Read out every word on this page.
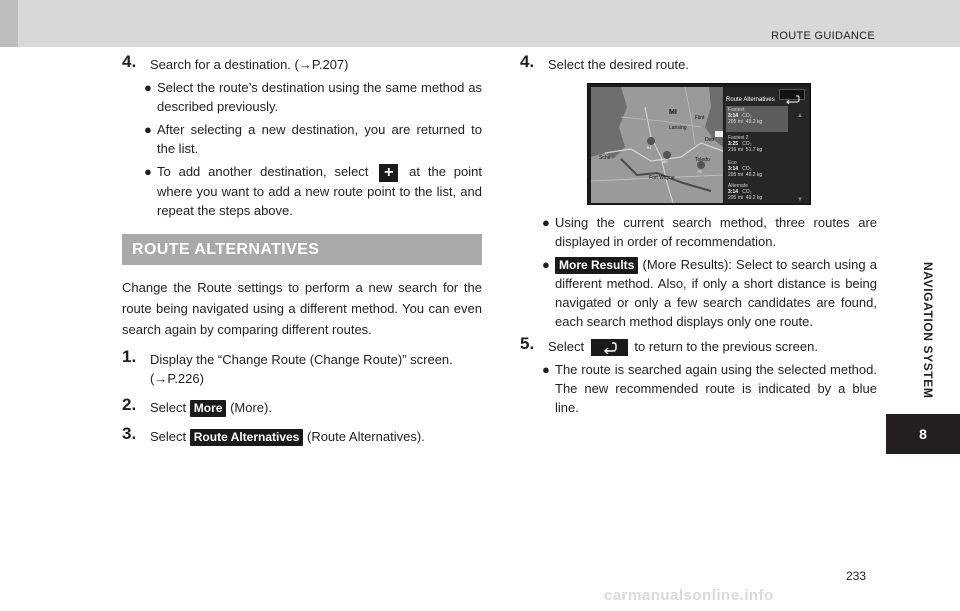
ROUTE GUIDANCE
NAVIGATION SYSTEM
8
4. Search for a destination. (→P.207)
● Select the route’s destination using the same method as described previously.
● After selecting a new destination, you are returned to the list.
● To add another destination, select + at the point where you want to add a new route point to the list, and repeat the steps above.
ROUTE ALTERNATIVES
Change the Route settings to perform a new search for the route being navigated using a different method. You can even search again by comparing different routes.
1. Display the “Change Route (Change Route)” screen. (→P.226)
2. Select More (More).
3. Select Route Alternatives (Route Alternatives).
4. Select the desired route.
MI
Flint
Lansing
Detr
Toledo
Fort Wayne
Sche
94
80
75
Route Alternatives
Fastest
3:14 CO₂
205 mi 49.2 kg
Fastest 2
3:25 CO₂
216 mi 51.7 kg
Eco
3:14 CO₂
205 mi 49.2 kg
Alternate
3:14 CO₂
205 mi 49.2 kg
▲
▼
● Using the current search method, three routes are displayed in order of recommendation.
● More Results (More Results): Select to search using a different method. Also, if only a short distance is being navigated or only a few search candidates are found, each search method displays only one route.
5. Select	to return to the previous screen.
● The route is searched again using the selected method. The new recommended route is indicated by a blue line.
233
carmanualsonline.info
